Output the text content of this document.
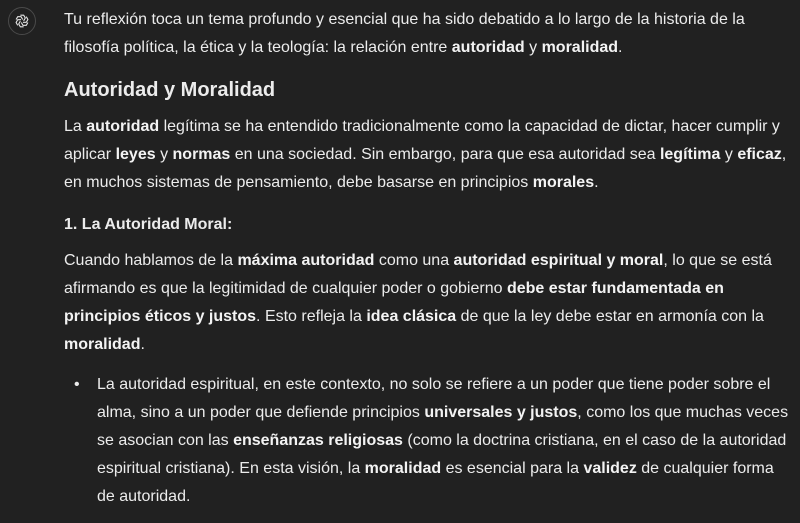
Tu reflexión toca un tema profundo y esencial que ha sido debatido a lo largo de la historia de la filosofía política, la ética y la teología: la relación entre autoridad y moralidad.

Autoridad y Moralidad

La autoridad legítima se ha entendido tradicionalmente como la capacidad de dictar, hacer cumplir y aplicar leyes y normas en una sociedad. Sin embargo, para que esa autoridad sea legítima y eficaz, en muchos sistemas de pensamiento, debe basarse en principios morales.

1. La Autoridad Moral:

Cuando hablamos de la máxima autoridad como una autoridad espiritual y moral, lo que se está afirmando es que la legitimidad de cualquier poder o gobierno debe estar fundamentada en principios éticos y justos. Esto refleja la idea clásica de que la ley debe estar en armonía con la moralidad.

• La autoridad espiritual, en este contexto, no solo se refiere a un poder que tiene poder sobre el alma, sino a un poder que defiende principios universales y justos, como los que muchas veces se asocian con las enseñanzas religiosas (como la doctrina cristiana, en el caso de la autoridad espiritual cristiana). En esta visión, la moralidad es esencial para la validez de cualquier forma de autoridad.
